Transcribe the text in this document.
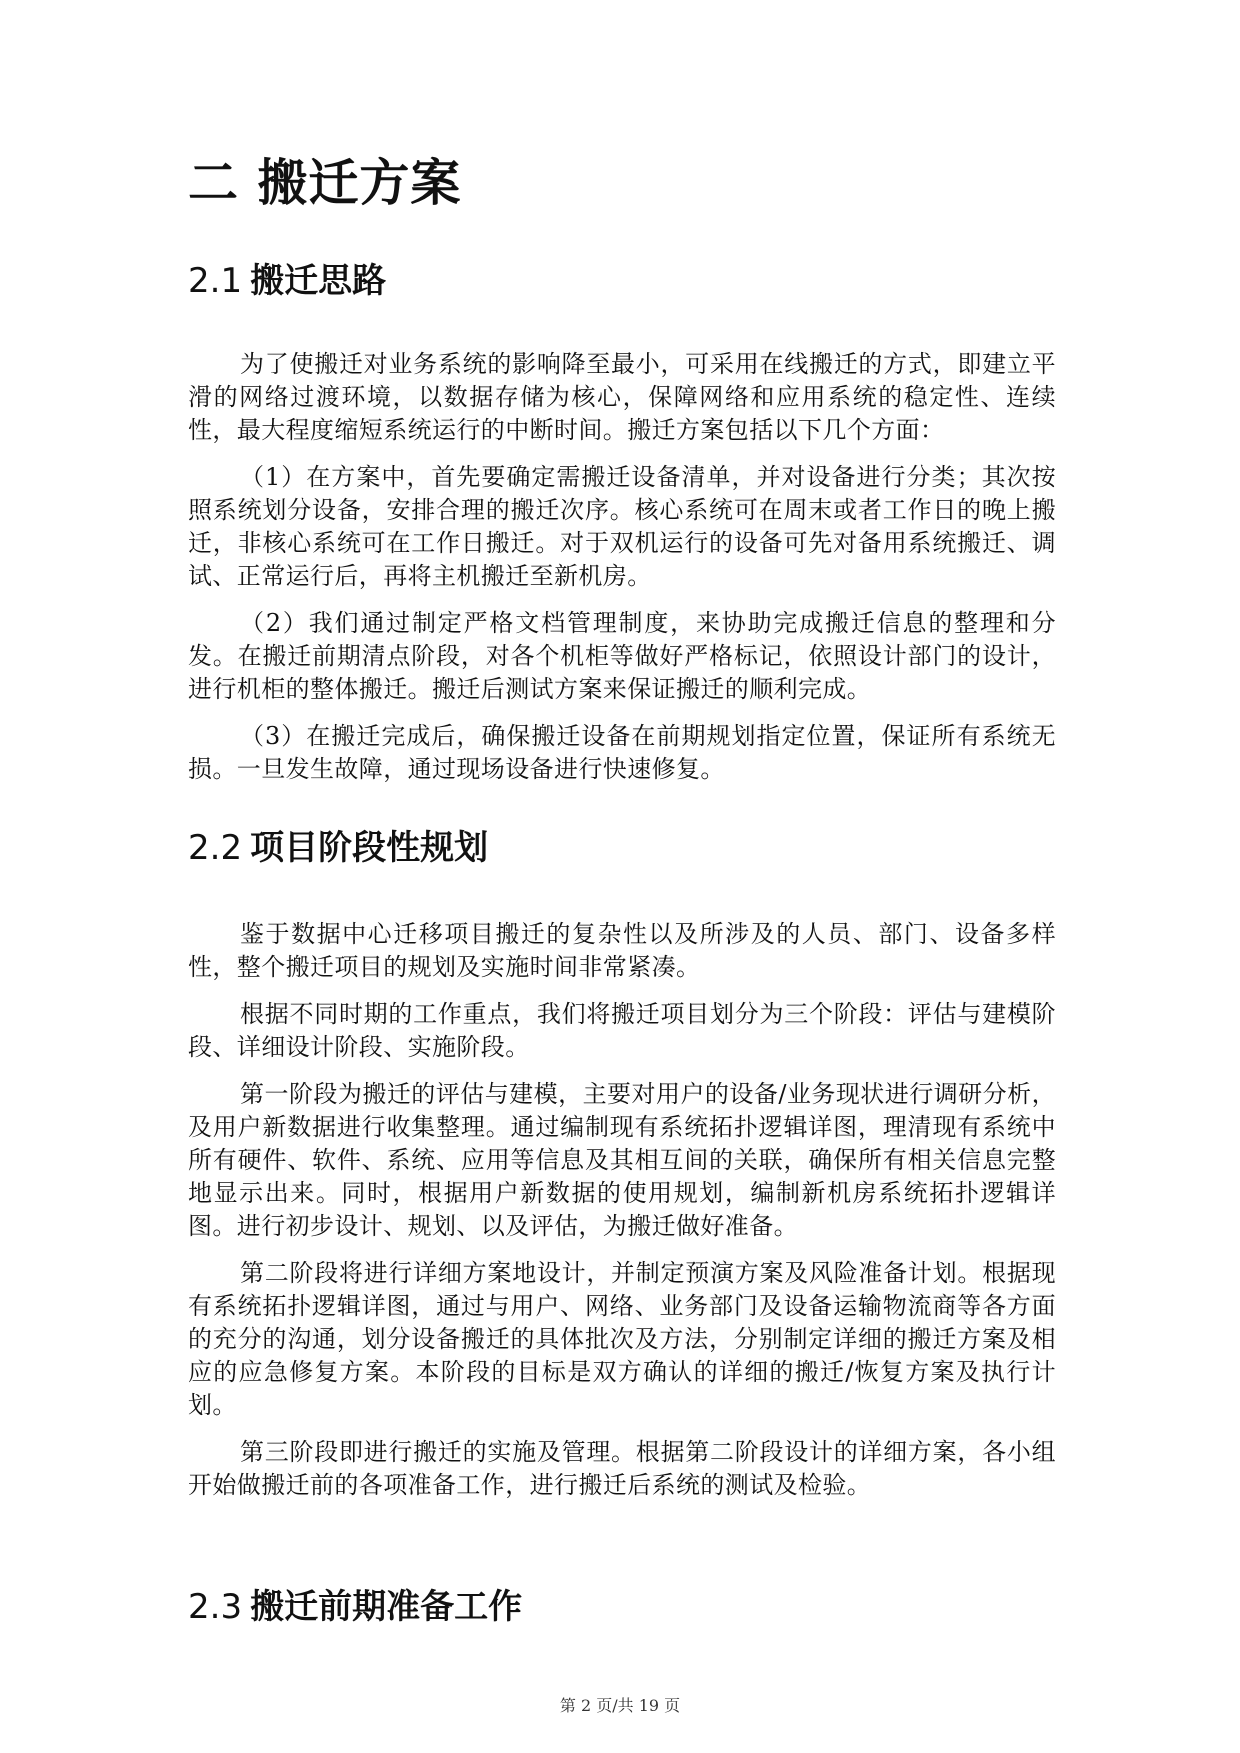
二 搬迁方案
2.1 搬迁思路

为了使搬迁对业务系统的影响降至最小，可采用在线搬迁的方式，即建立平滑的网络过渡环境，以数据存储为核心，保障网络和应用系统的稳定性、连续性，最大程度缩短系统运行的中断时间。搬迁方案包括以下几个方面：

（1）在方案中，首先要确定需搬迁设备清单，并对设备进行分类；其次按照系统划分设备，安排合理的搬迁次序。核心系统可在周末或者工作日的晚上搬迁，非核心系统可在工作日搬迁。对于双机运行的设备可先对备用系统搬迁、调试、正常运行后，再将主机搬迁至新机房。

（2）我们通过制定严格文档管理制度，来协助完成搬迁信息的整理和分发。在搬迁前期清点阶段，对各个机柜等做好严格标记，依照设计部门的设计，进行机柜的整体搬迁。搬迁后测试方案来保证搬迁的顺利完成。

（3）在搬迁完成后，确保搬迁设备在前期规划指定位置，保证所有系统无损。一旦发生故障，通过现场设备进行快速修复。

2.2 项目阶段性规划

鉴于数据中心迁移项目搬迁的复杂性以及所涉及的人员、部门、设备多样性，整个搬迁项目的规划及实施时间非常紧凑。

根据不同时期的工作重点，我们将搬迁项目划分为三个阶段：评估与建模阶段、详细设计阶段、实施阶段。

第一阶段为搬迁的评估与建模，主要对用户的设备/业务现状进行调研分析，及用户新数据进行收集整理。通过编制现有系统拓扑逻辑详图，理清现有系统中所有硬件、软件、系统、应用等信息及其相互间的关联，确保所有相关信息完整地显示出来。同时，根据用户新数据的使用规划，编制新机房系统拓扑逻辑详图。进行初步设计、规划、以及评估，为搬迁做好准备。

第二阶段将进行详细方案地设计，并制定预演方案及风险准备计划。根据现有系统拓扑逻辑详图，通过与用户、网络、业务部门及设备运输物流商等各方面的充分的沟通，划分设备搬迁的具体批次及方法，分别制定详细的搬迁方案及相应的应急修复方案。本阶段的目标是双方确认的详细的搬迁/恢复方案及执行计划。

第三阶段即进行搬迁的实施及管理。根据第二阶段设计的详细方案，各小组开始做搬迁前的各项准备工作，进行搬迁后系统的测试及检验。

2.3 搬迁前期准备工作
第 2 页/共 19 页
